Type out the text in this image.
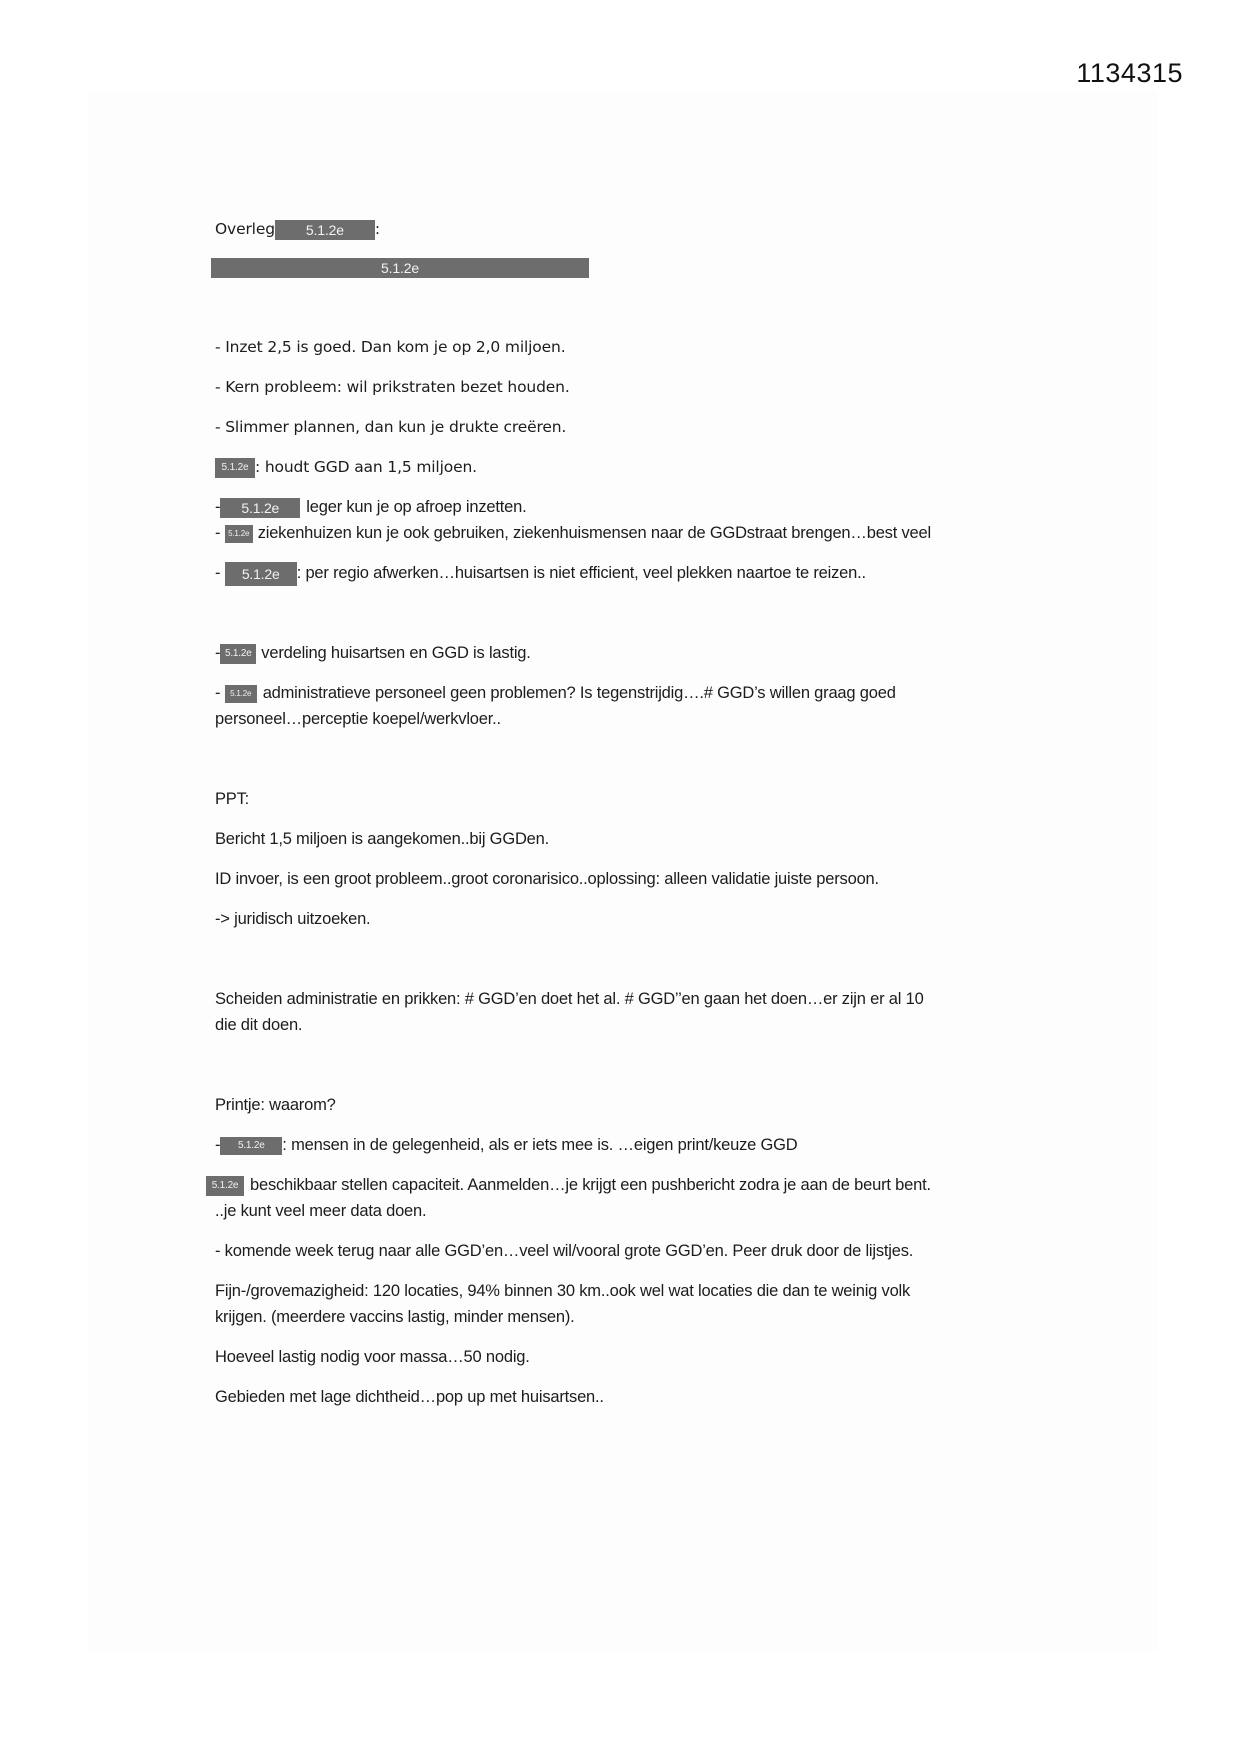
1134315
Overleg 5.1.2e :
5.1.2e
- Inzet 2,5 is goed. Dan kom je op 2,0 miljoen.
- Kern probleem: wil prikstraten bezet houden.
- Slimmer plannen, dan kun je drukte creëren.
5.1.2e : houdt GGD aan 1,5 miljoen.
- 5.1.2e leger kun je op afroep inzetten.
- 5.1.2e ziekenhuizen kun je ook gebruiken, ziekenhuismensen naar de GGDstraat brengen…best veel
- 5.1.2e : per regio afwerken…huisartsen is niet efficient, veel plekken naartoe te reizen..
- 5.1.2e verdeling huisartsen en GGD is lastig.
- 5.1.2e administratieve personeel geen problemen? Is tegenstrijdig….# GGD’s willen graag goed
personeel…perceptie koepel/werkvloer..
PPT:
Bericht 1,5 miljoen is aangekomen..bij GGDen.
ID invoer, is een groot probleem..groot coronarisico..oplossing: alleen validatie juiste persoon.
-> juridisch uitzoeken.
Scheiden administratie en prikken: # GGD’en doet het al. # GGD’’en gaan het doen…er zijn er al 10
die dit doen.
Printje: waarom?
- 5.1.2e : mensen in de gelegenheid, als er iets mee is. …eigen print/keuze GGD
5.1.2e beschikbaar stellen capaciteit. Aanmelden…je krijgt een pushbericht zodra je aan de beurt bent.
..je kunt veel meer data doen.
- komende week terug naar alle GGD’en…veel wil/vooral grote GGD’en. Peer druk door de lijstjes.
Fijn-/grovemazigheid: 120 locaties, 94% binnen 30 km..ook wel wat locaties die dan te weinig volk
krijgen. (meerdere vaccins lastig, minder mensen).
Hoeveel lastig nodig voor massa…50 nodig.
Gebieden met lage dichtheid…pop up met huisartsen..
